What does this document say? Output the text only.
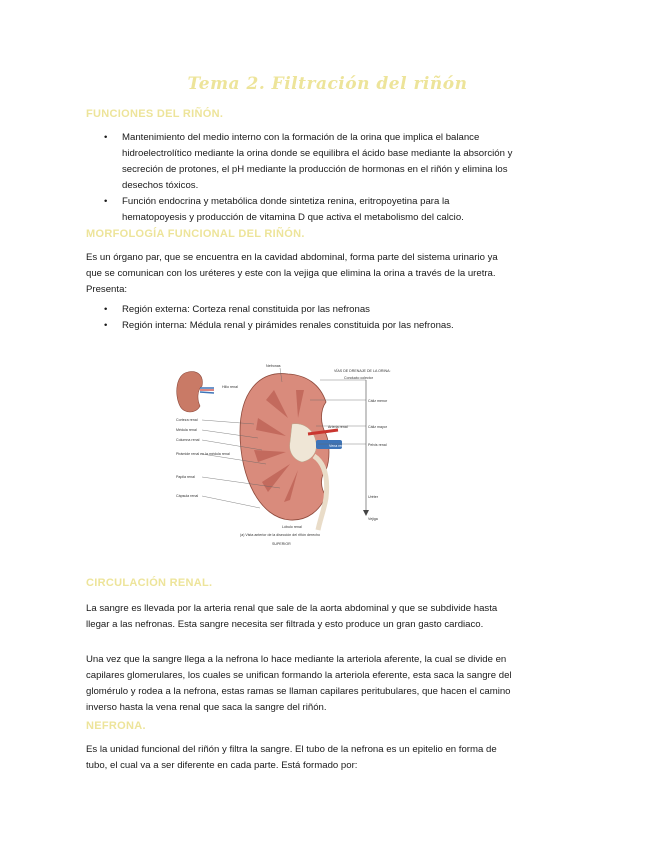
Tema 2. Filtración del riñón
FUNCIONES DEL RIÑÓN.
• Mantenimiento del medio interno con la formación de la orina que implica el balance hidroelectrolítico mediante la orina donde se equilibra el ácido base mediante la absorción y secreción de protones, el pH mediante la producción de hormonas en el riñón y elimina los desechos tóxicos.
• Función endocrina y metabólica donde sintetiza renina, eritropoyetina para la hematopoyesis y producción de vitamina D que activa el metabolismo del calcio.
MORFOLOGÍA FUNCIONAL DEL RIÑÓN.
Es un órgano par, que se encuentra en la cavidad abdominal, forma parte del sistema urinario ya que se comunican con los uréteres y este con la vejiga que elimina la orina a través de la uretra. Presenta:
• Región externa: Corteza renal constituida por las nefronas
• Región interna: Médula renal y pirámides renales constituida por las nefronas.
Corteza renal
Médula renal
Columna renal
Pirámide renal en la médula renal
Papila renal
Cápsula renal
Nefronas
Hilio renal
VÍAS DE DRENAJE DE LA ORINA:
Conducto colector
Cáliz menor
Cáliz mayor
Pelvis renal
Uréter
Vejiga
Arteria renal
Vena renal
Lóbulo renal
(a) Vista anterior de la disección del riñón derecho
SUPERIOR
CIRCULACIÓN RENAL.
La sangre es llevada por la arteria renal que sale de la aorta abdominal y que se subdivide hasta llegar a las nefronas. Esta sangre necesita ser filtrada y esto produce un gran gasto cardiaco.
Una vez que la sangre llega a la nefrona lo hace mediante la arteriola aferente, la cual se divide en capilares glomerulares, los cuales se unifican formando la arteriola eferente, esta saca la sangre del glomérulo y rodea a la nefrona, estas ramas se llaman capilares peritubulares, que hacen el camino inverso hasta la vena renal que saca la sangre del riñón.
NEFRONA.
Es la unidad funcional del riñón y filtra la sangre. El tubo de la nefrona es un epitelio en forma de tubo, el cual va a ser diferente en cada parte. Está formado por:
